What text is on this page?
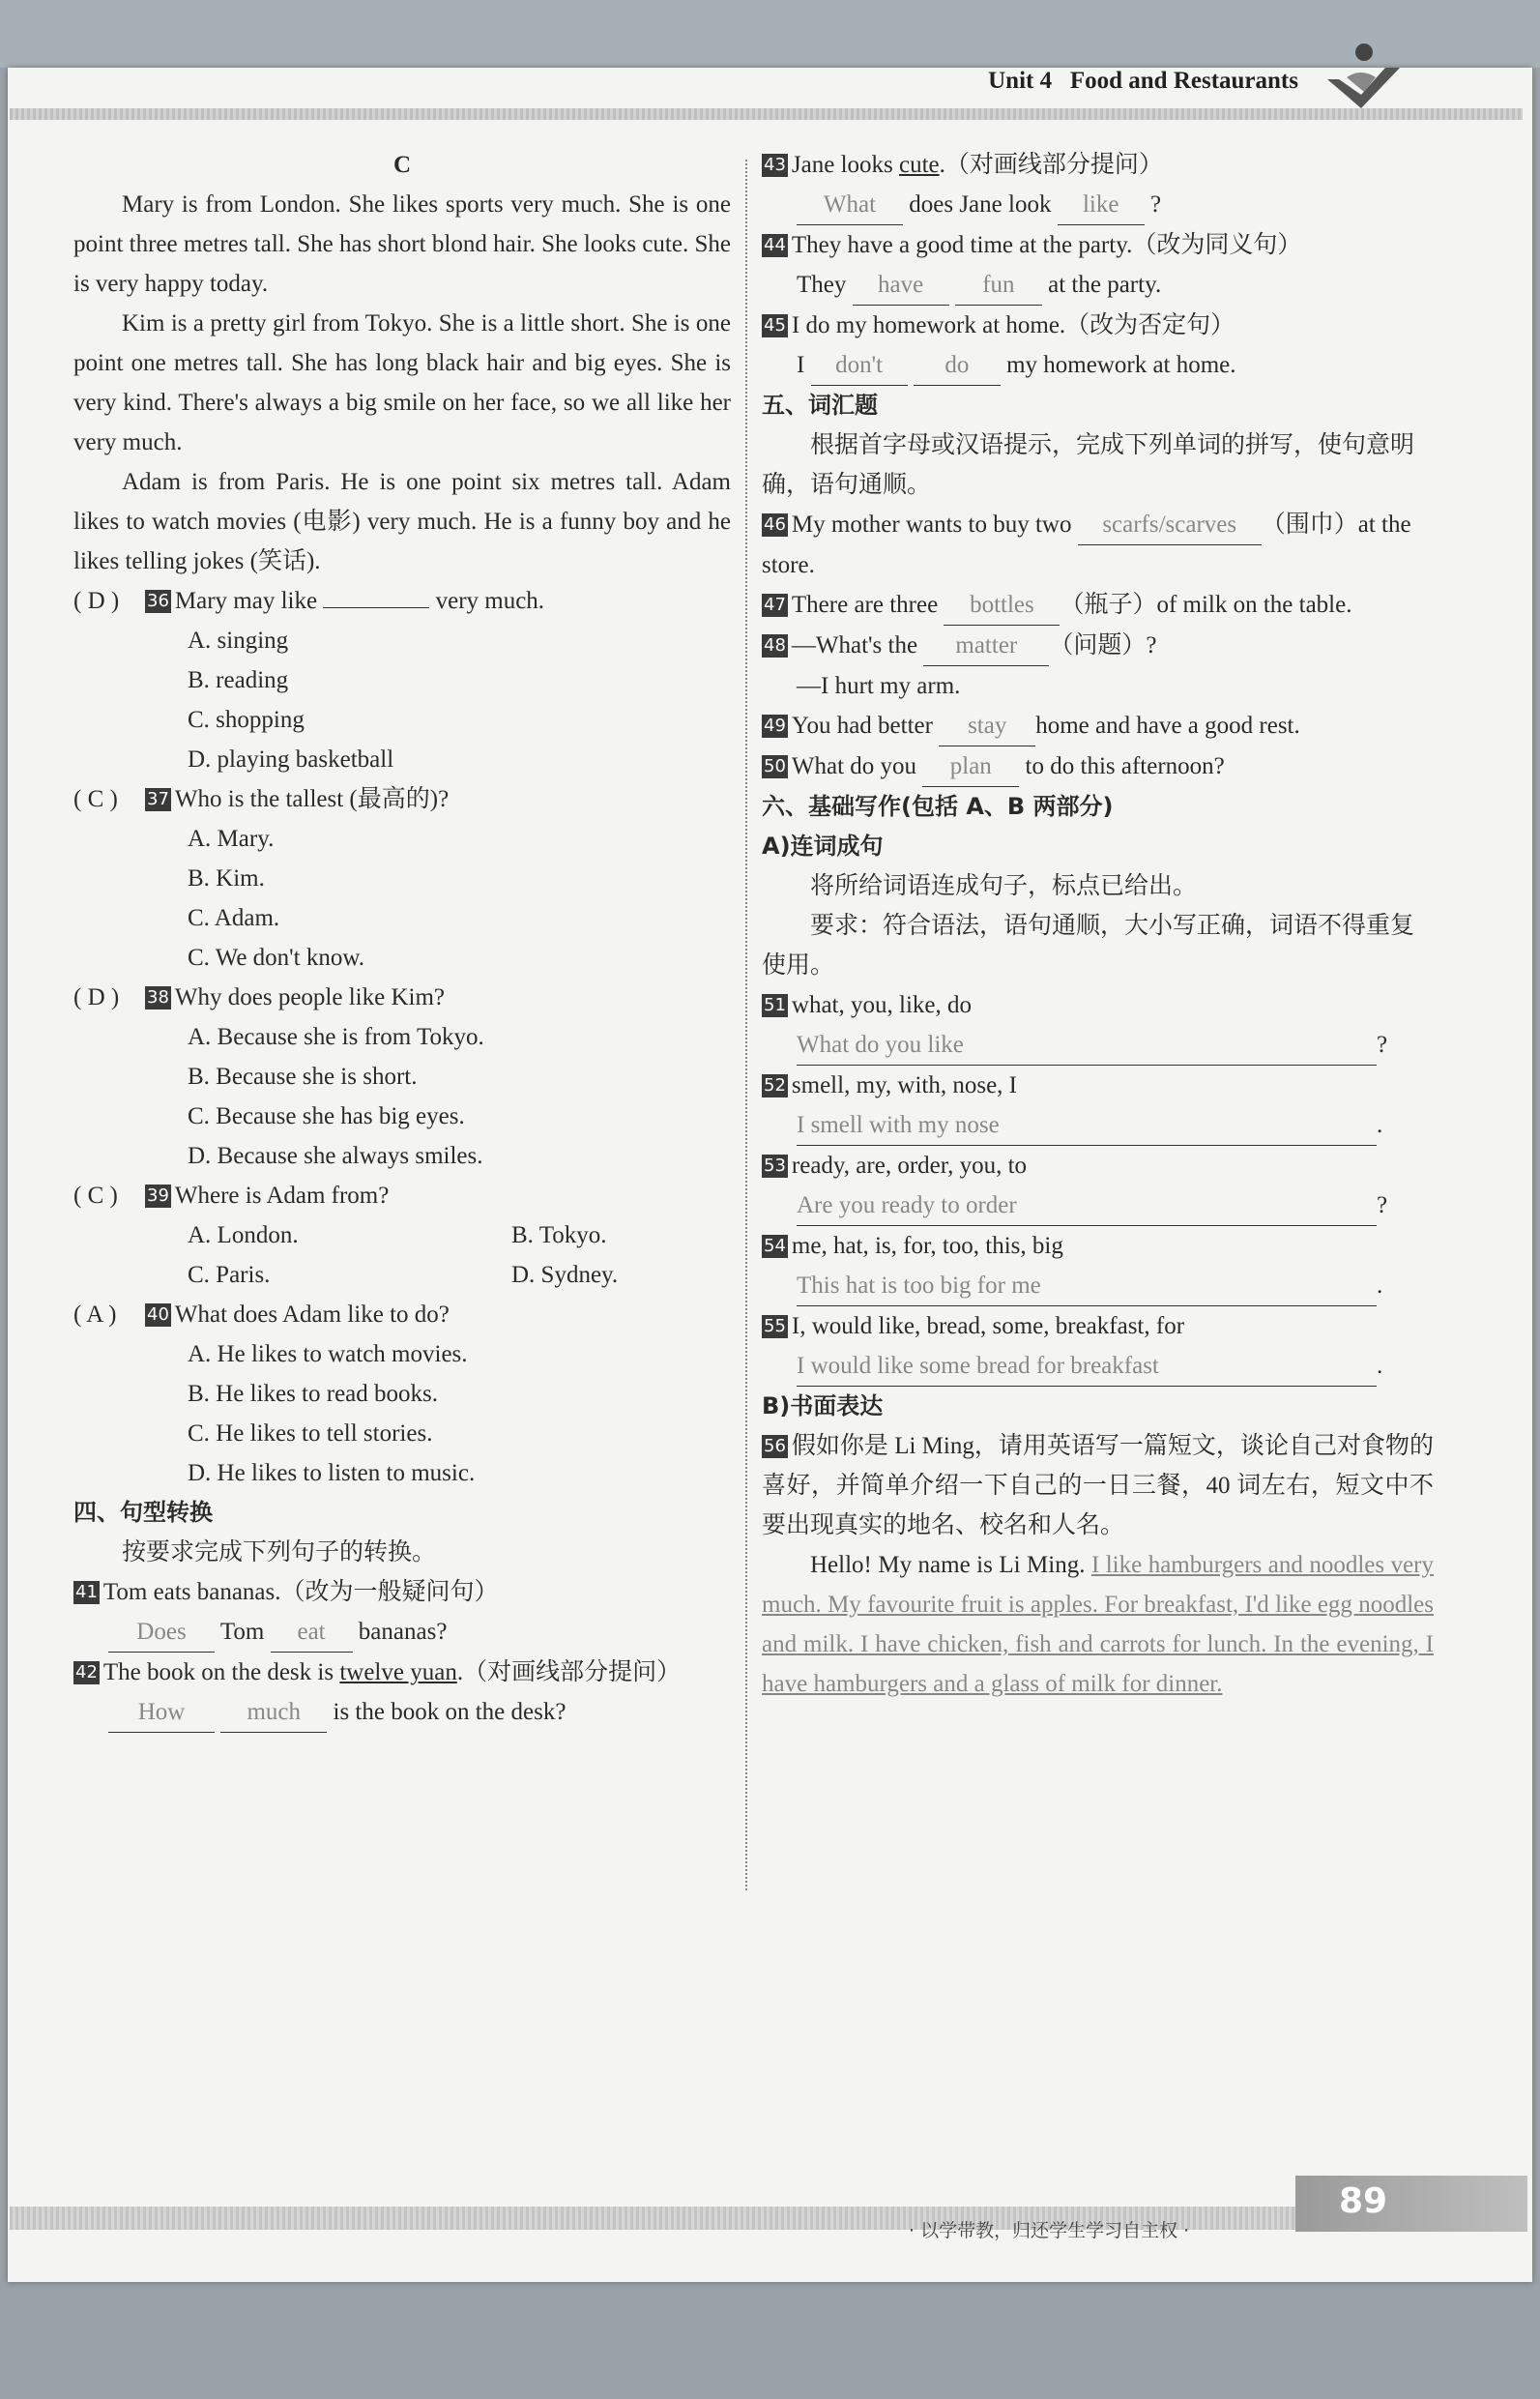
Unit 4 Food and Restaurants
C

Mary is from London. She likes sports very much. She is one point three metres tall. She has short blond hair. She looks cute. She is very happy today.

Kim is a pretty girl from Tokyo. She is a little short. She is one point one metres tall. She has long black hair and big eyes. She is very kind. There's always a big smile on her face, so we all like her very much.

Adam is from Paris. He is one point six metres tall. Adam likes to watch movies (电影) very much. He is a funny boy and he likes telling jokes (笑话).

( D ) 36 Mary may like	very much.
A. singing
B. reading
C. shopping
D. playing basketball
( C ) 37 Who is the tallest (最高的)?
A. Mary.
B. Kim.
C. Adam.
C. We don't know.
( D ) 38 Why does people like Kim?
A. Because she is from Tokyo.
B. Because she is short.
C. Because she has big eyes.
D. Because she always smiles.
( C ) 39 Where is Adam from?
A. London.	B. Tokyo.
C. Paris.	D. Sydney.
( A ) 40 What does Adam like to do?
A. He likes to watch movies.
B. He likes to read books.
C. He likes to tell stories.
D. He likes to listen to music.
四、句型转换

按要求完成下列句子的转换。

41 Tom eats bananas.（改为一般疑问句）
Does Tom eat bananas?
42 The book on the desk is twelve yuan.（对画线部分提问）
How	much is the book on the desk?
43 Jane looks cute.（对画线部分提问）
What does Jane look like ?
44 They have a good time at the party.（改为同义句）
They have fun at the party.
45 I do my homework at home.（改为否定句）
I don't	do my homework at home.
五、词汇题

根据首字母或汉语提示，完成下列单词的拼写，使句意明确，语句通顺。

46 My mother wants to buy two scarfs/scarves （围巾）at the store.
47 There are three bottles （瓶子）of milk on the table.
48 —What's the matter （问题）?
—I hurt my arm.
49 You had better stay home and have a good rest.
50 What do you plan to do this afternoon?
六、基础写作(包括 A、B 两部分)
A)连词成句

将所给词语连成句子，标点已给出。

要求：符合语法，语句通顺，大小写正确，词语不得重复使用。

51 what, you, like, do
What do you like	?
52 smell, my, with, nose, I
I smell with my nose	.
53 ready, are, order, you, to
Are you ready to order	?
54 me, hat, is, for, too, this, big
This hat is too big for me	.
55 I, would like, bread, some, breakfast, for
I would like some bread for breakfast	.
B)书面表达
56 假如你是 Li Ming，请用英语写一篇短文，谈论自己对食物的喜好，并简单介绍一下自己的一日三餐，40 词左右，短文中不要出现真实的地名、校名和人名。

Hello! My name is Li Ming. I like hamburgers and noodles very much. My favourite fruit is apples. For breakfast, I'd like egg noodles and milk. I have chicken, fish and carrots for lunch. In the evening, I have hamburgers and a glass of milk for dinner.

· 以学带教，归还学生学习自主权 ·
89
